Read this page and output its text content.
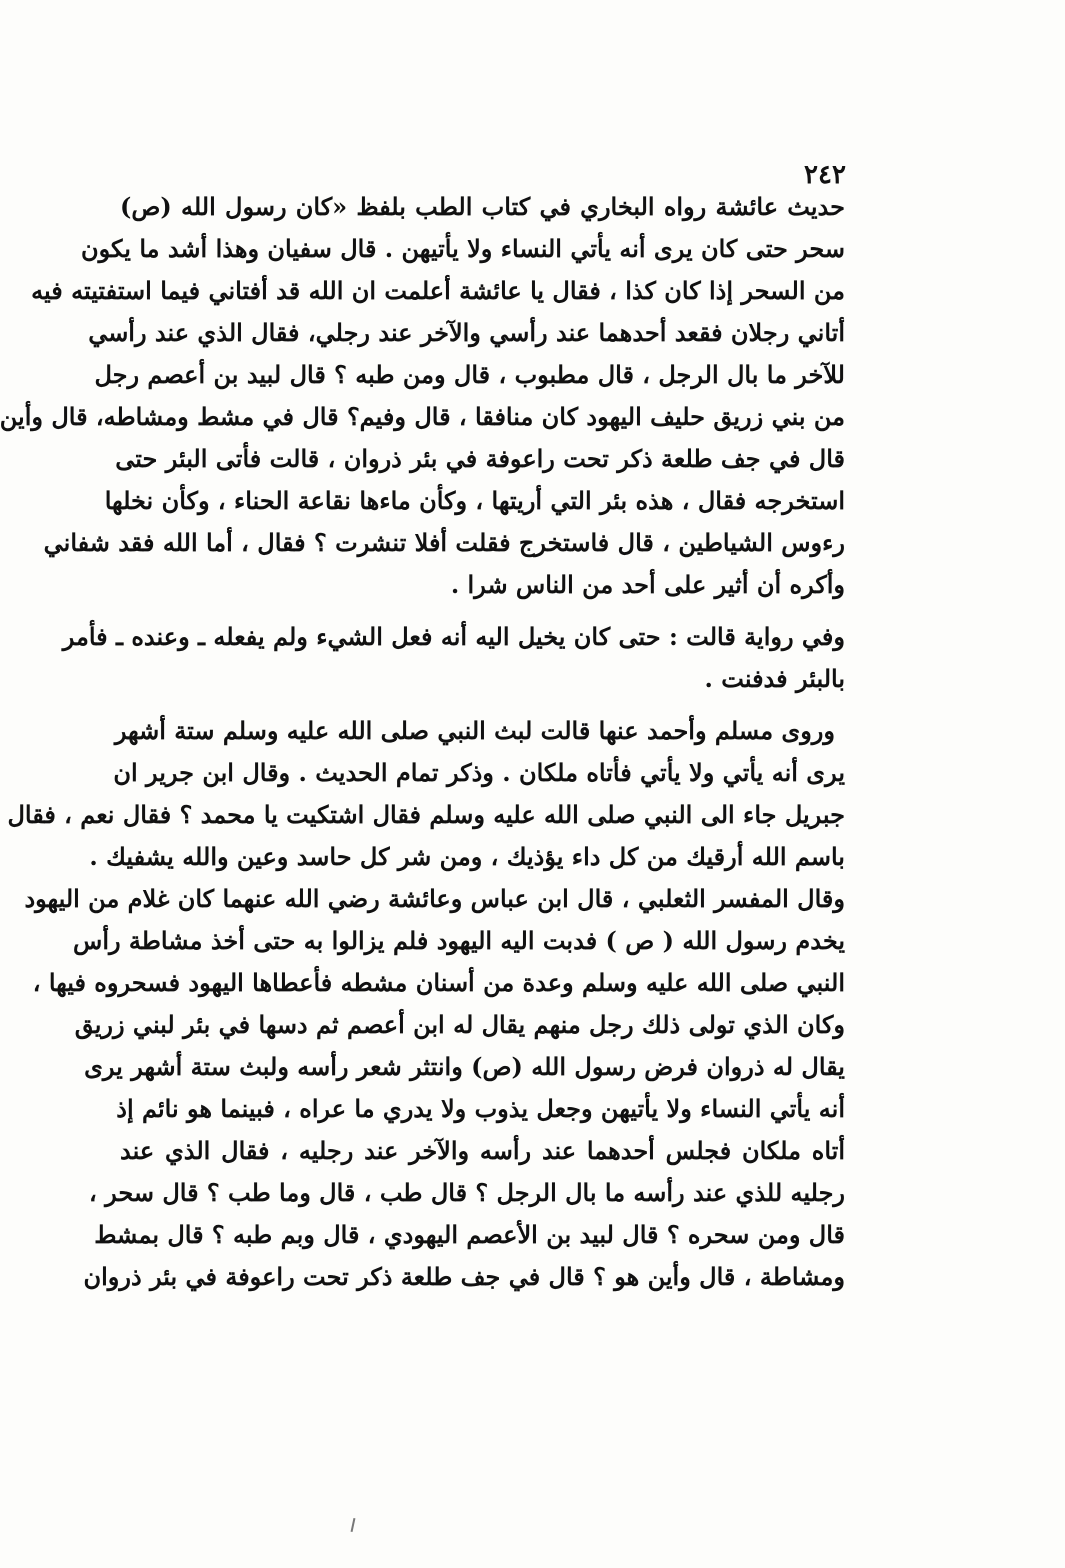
٢٤٢
حديث عائشة رواه البخاري في كتاب الطب بلفظ «كان رسول الله (ص)
سحر حتى كان يرى أنه يأتي النساء ولا يأتيهن . قال سفيان وهذا أشد ما يكون
من السحر إذا كان كذا ، فقال يا عائشة أعلمت ان الله قد أفتاني فيما استفتيته فيه
أتاني رجلان فقعد أحدهما عند رأسي والآخر عند رجلي، فقال الذي عند رأسي
للآخر ما بال الرجل ، قال مطبوب ، قال ومن طبه ؟ قال لبيد بن أعصم رجل
من بني زريق حليف اليهود كان منافقا ، قال وفيم؟ قال في مشط ومشاطه، قال وأين
قال في جف طلعة ذكر تحت راعوفة في بئر ذروان ، قالت فأتى البئر حتى
استخرجه فقال ، هذه بئر التي أريتها ، وكأن ماءها نقاعة الحناء ، وكأن نخلها
رءوس الشياطين ، قال فاستخرج فقلت أفلا تنشرت ؟ فقال ، أما الله فقد شفاني
وأكره أن أثير على أحد من الناس شرا .
وفي رواية قالت : حتى كان يخيل اليه أنه فعل الشيء ولم يفعله ـ وعنده ـ فأمر
بالبئر فدفنت .
وروى مسلم وأحمد عنها قالت لبث النبي صلى الله عليه وسلم ستة أشهر
يرى أنه يأتي ولا يأتي فأتاه ملكان . وذكر تمام الحديث . وقال ابن جرير ان
جبريل جاء الى النبي صلى الله عليه وسلم فقال اشتكيت يا محمد ؟ فقال نعم ، فقال
باسم الله أرقيك من كل داء يؤذيك ، ومن شر كل حاسد وعين والله يشفيك .
وقال المفسر الثعلبي ، قال ابن عباس وعائشة رضي الله عنهما كان غلام من اليهود
يخدم رسول الله ( ص ) فدبت اليه اليهود فلم يزالوا به حتى أخذ مشاطة رأس
النبي صلى الله عليه وسلم وعدة من أسنان مشطه فأعطاها اليهود فسحروه فيها ،
وكان الذي تولى ذلك رجل منهم يقال له ابن أعصم ثم دسها في بئر لبني زريق
يقال له ذروان فرض رسول الله (ص) وانتثر شعر رأسه ولبث ستة أشهر يرى
أنه يأتي النساء ولا يأتيهن وجعل يذوب ولا يدري ما عراه ، فبينما هو نائم إذ
أتاه ملكان فجلس أحدهما عند رأسه والآخر عند رجليه ، فقال الذي عند
رجليه للذي عند رأسه ما بال الرجل ؟ قال طب ، قال وما طب ؟ قال سحر ،
قال ومن سحره ؟ قال لبيد بن الأعصم اليهودي ، قال وبم طبه ؟ قال بمشط
ومشاطة ، قال وأين هو ؟ قال في جف طلعة ذكر تحت راعوفة في بئر ذروان
